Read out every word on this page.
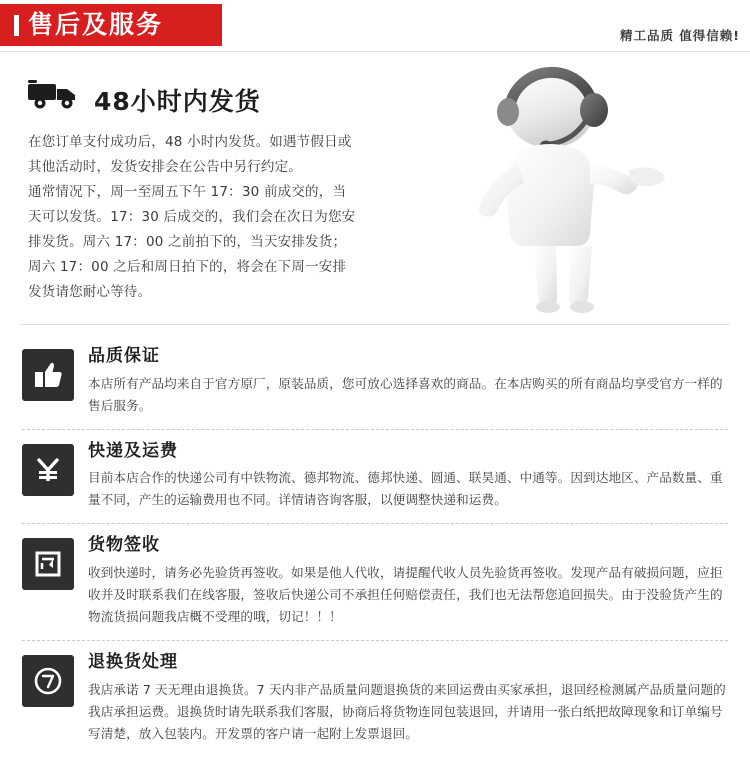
售后及服务	精工品质 值得信赖!
48小时内发货

在您订单支付成功后，48 小时内发货。如遇节假日或其他活动时，发货安排会在公告中另行约定。

通常情况下，周一至周五下午 17：30 前成交的，当天可以发货。17：30 后成交的，我们会在次日为您安排发货。周六 17：00 之前拍下的，当天安排发货；周六 17：00 之后和周日拍下的，将会在下周一安排发货请您耐心等待。

品质保证
本店所有产品均来自于官方原厂，原装品质，您可放心选择喜欢的商品。在本店购买的所有商品均享受官方一样的售后服务。
快递及运费
目前本店合作的快递公司有中铁物流、德邦物流、德邦快递、圆通、联昊通、中通等。因到达地区、产品数量、重量不同，产生的运输费用也不同。详情请咨询客服，以便调整快递和运费。
货物签收
收到快递时，请务必先验货再签收。如果是他人代收，请提醒代收人员先验货再签收。发现产品有破损问题，应拒收并及时联系我们在线客服，签收后快递公司不承担任何赔偿责任，我们也无法帮您追回损失。由于没验货产生的物流货损问题我店概不受理的哦，切记！！！
退换货处理
我店承诺 7 天无理由退换货。7 天内非产品质量问题退换货的来回运费由买家承担，退回经检测属产品质量问题的我店承担运费。退换货时请先联系我们客服，协商后将货物连同包装退回，并请用一张白纸把故障现象和订单编号写清楚，放入包装内。开发票的客户请一起附上发票退回。
